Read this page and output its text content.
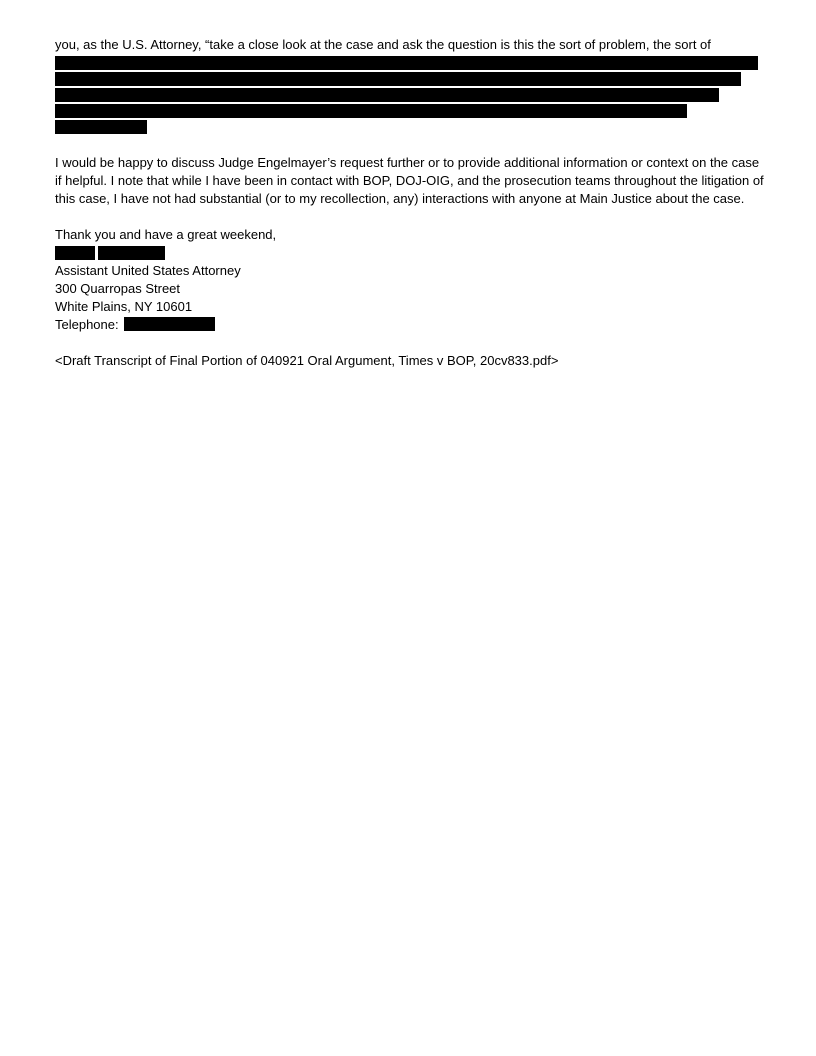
you, as the U.S. Attorney, “take a close look at the case and ask the question is this the sort of problem, the sort of
I would be happy to discuss Judge Engelmayer’s request further or to provide additional information or context on the case if helpful. I note that while I have been in contact with BOP, DOJ-OIG, and the prosecution teams throughout the litigation of this case, I have not had substantial (or to my recollection, any) interactions with anyone at Main Justice about the case.
Thank you and have a great weekend,
Assistant United States Attorney
300 Quarropas Street
White Plains, NY 10601
Telephone:
<Draft Transcript of Final Portion of 040921 Oral Argument, Times v BOP, 20cv833.pdf>
